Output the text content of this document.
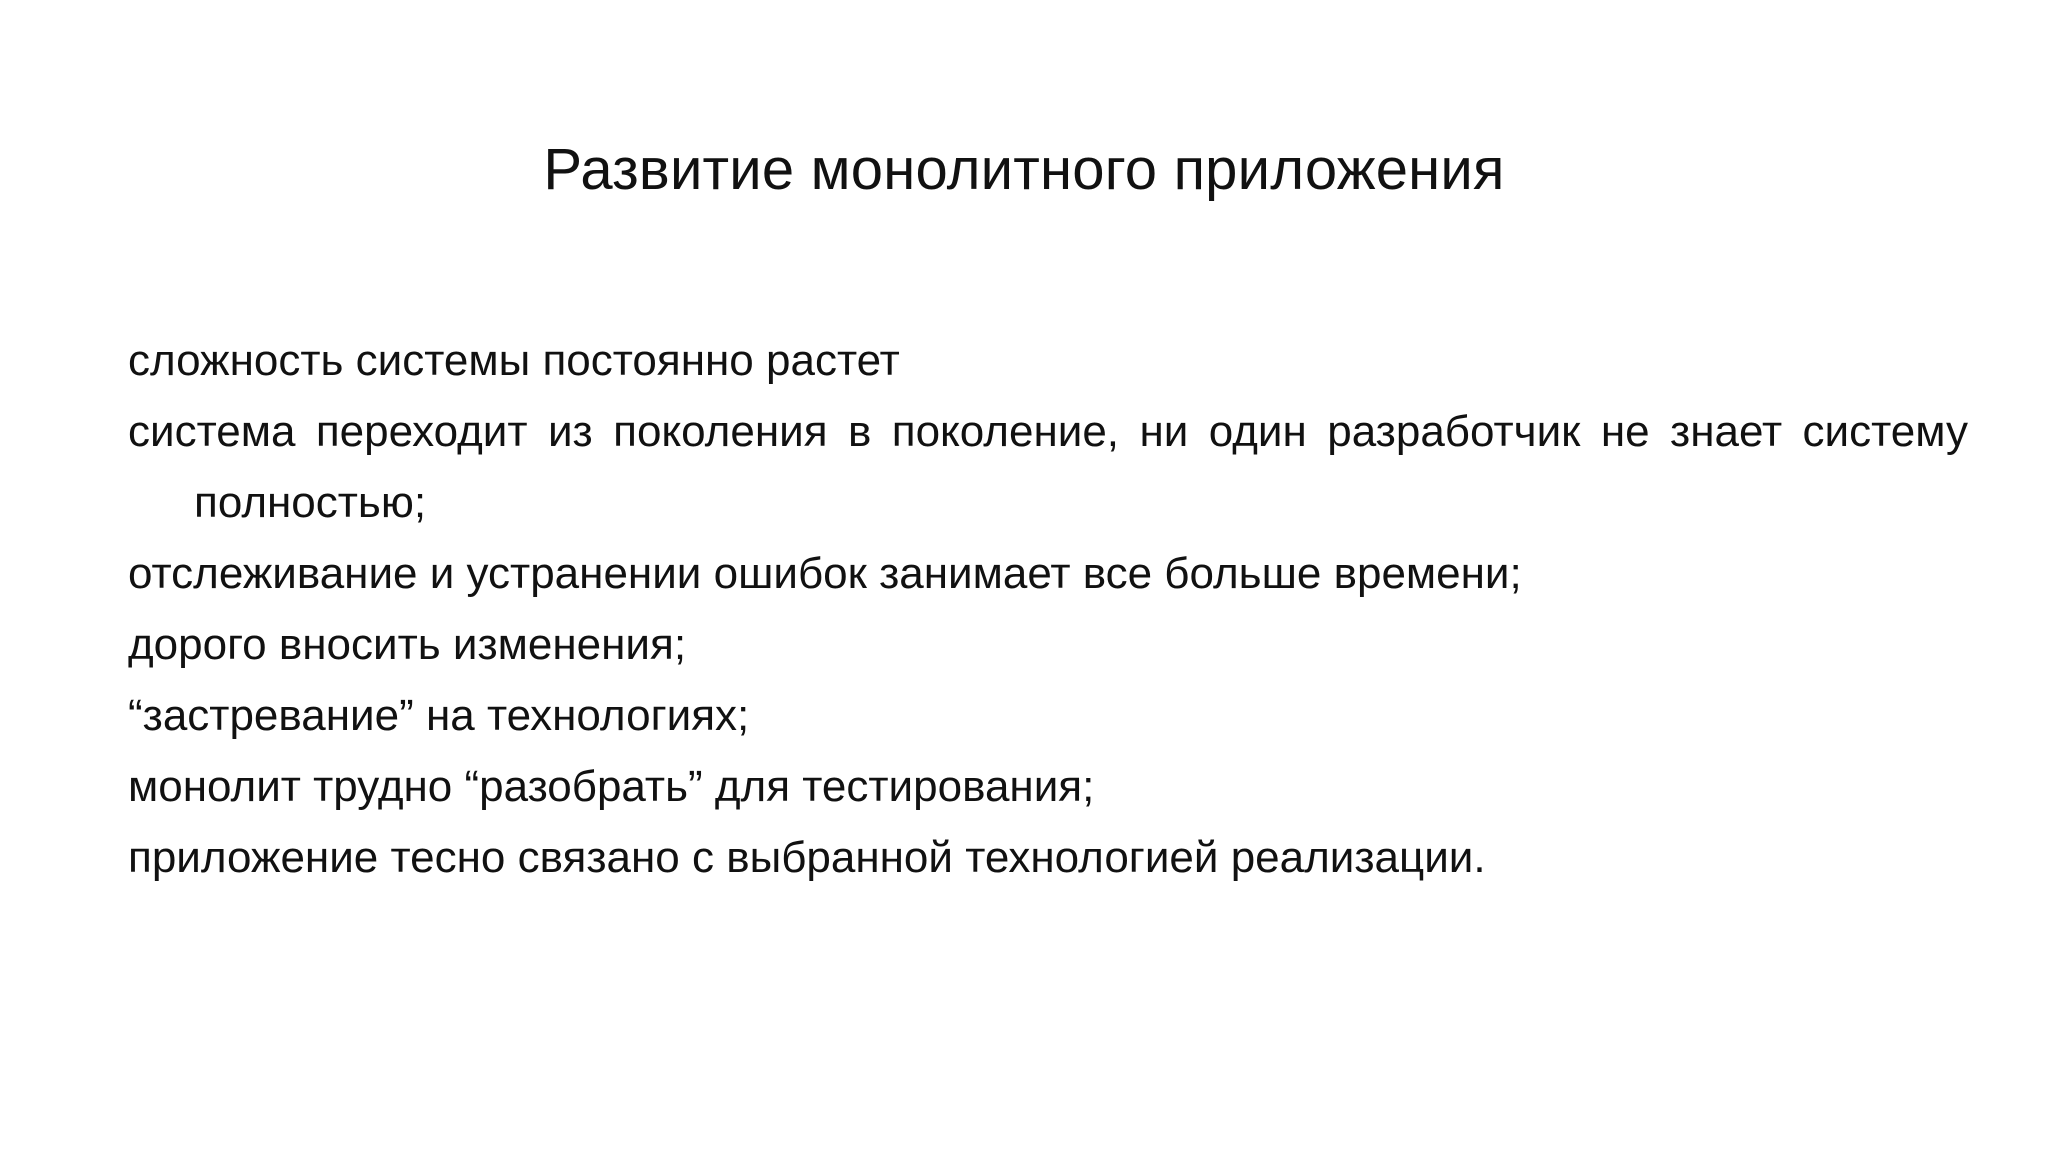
Развитие монолитного приложения
сложность системы постоянно растет
система переходит из поколения в поколение, ни один разработчик не знает систему полностью;
отслеживание и устранении ошибок занимает все больше времени;
дорого вносить изменения;
“застревание” на технологиях;
монолит трудно “разобрать” для тестирования;
приложение тесно связано с выбранной технологией реализации.
